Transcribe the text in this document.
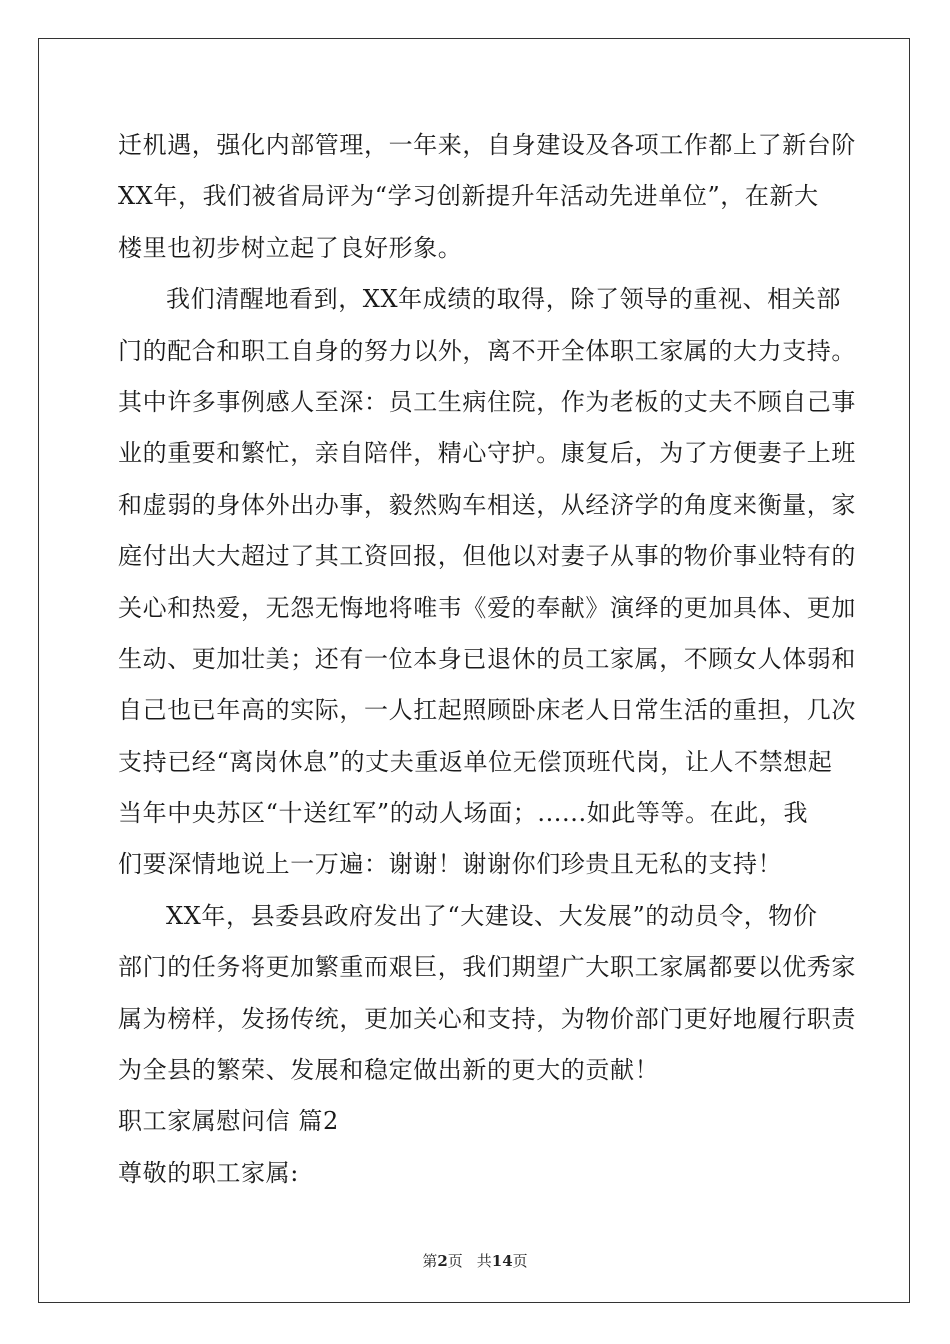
迁机遇，强化内部管理，一年来，自身建设及各项工作都上了新台阶
XX年，我们被省局评为“学习创新提升年活动先进单位”，在新大
楼里也初步树立起了良好形象。
我们清醒地看到，XX年成绩的取得，除了领导的重视、相关部
门的配合和职工自身的努力以外，离不开全体职工家属的大力支持。
其中许多事例感人至深：员工生病住院，作为老板的丈夫不顾自己事
业的重要和繁忙，亲自陪伴，精心守护。康复后，为了方便妻子上班
和虚弱的身体外出办事，毅然购车相送，从经济学的角度来衡量，家
庭付出大大超过了其工资回报，但他以对妻子从事的物价事业特有的
关心和热爱，无怨无悔地将唯韦《爱的奉献》演绎的更加具体、更加
生动、更加壮美；还有一位本身已退休的员工家属，不顾女人体弱和
自己也已年高的实际，一人扛起照顾卧床老人日常生活的重担，几次
支持已经“离岗休息”的丈夫重返单位无偿顶班代岗，让人不禁想起
当年中央苏区“十送红军”的动人场面；......如此等等。在此，我
们要深情地说上一万遍：谢谢！谢谢你们珍贵且无私的支持！
XX年，县委县政府发出了“大建设、大发展”的动员令，物价
部门的任务将更加繁重而艰巨，我们期望广大职工家属都要以优秀家
属为榜样，发扬传统，更加关心和支持，为物价部门更好地履行职责
为全县的繁荣、发展和稳定做出新的更大的贡献！
职工家属慰问信 篇2
尊敬的职工家属:
第2页 共14页
